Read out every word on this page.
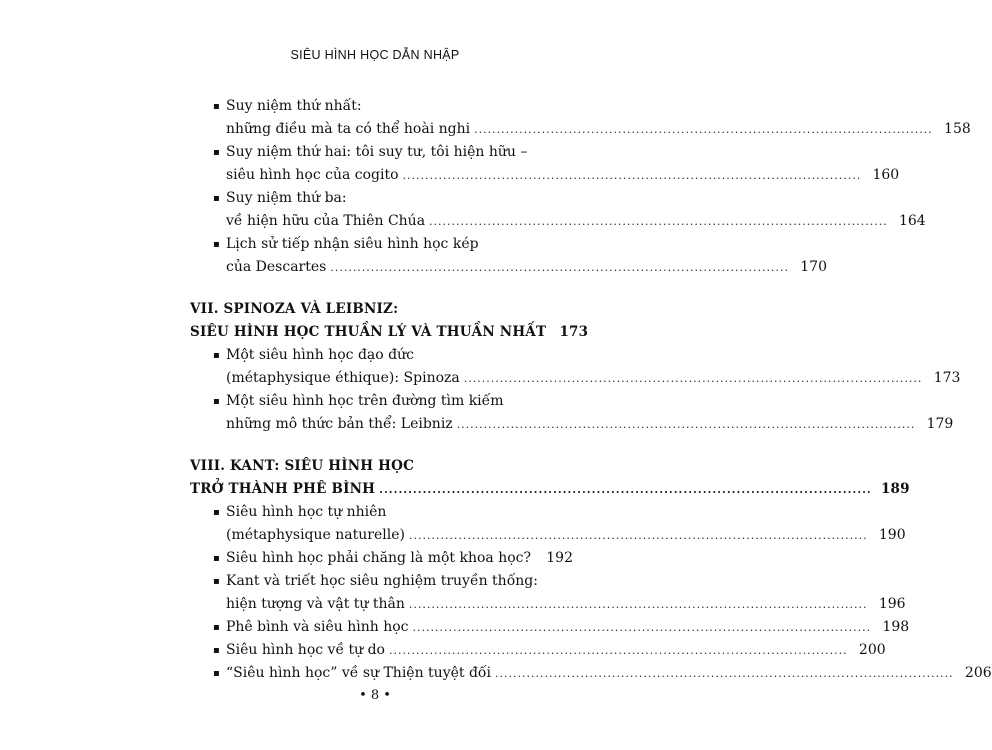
SIÊU HÌNH HỌC DẪN NHẬP
▪ Suy niệm thứ nhất:
những điều mà ta có thể hoài nghi ...................................................................................................... 158
▪ Suy niệm thứ hai: tôi suy tư, tôi hiện hữu –
siêu hình học của cogito ...................................................................................................... 160
▪ Suy niệm thứ ba:
về hiện hữu của Thiên Chúa ...................................................................................................... 164
▪ Lịch sử tiếp nhận siêu hình học kép
của Descartes ...................................................................................................... 170
VII. SPINOZA VÀ LEIBNIZ:
SIÊU HÌNH HỌC THUẦN LÝ VÀ THUẦN NHẤT 173
▪ Một siêu hình học đạo đức
(métaphysique éthique): Spinoza ...................................................................................................... 173
▪ Một siêu hình học trên đường tìm kiếm
những mô thức bản thể: Leibniz ...................................................................................................... 179
VIII. KANT: SIÊU HÌNH HỌC
TRỞ THÀNH PHÊ BÌNH ...................................................................................................... 189
▪ Siêu hình học tự nhiên
(métaphysique naturelle) ...................................................................................................... 190
▪ Siêu hình học phải chăng là một khoa học?	192
▪ Kant và triết học siêu nghiệm truyền thống:
hiện tượng và vật tự thân ...................................................................................................... 196
▪ Phê bình và siêu hình học ...................................................................................................... 198
▪ Siêu hình học về tự do ...................................................................................................... 200
▪ “Siêu hình học” về sự Thiện tuyệt đối ...................................................................................................... 206
• 8 •
